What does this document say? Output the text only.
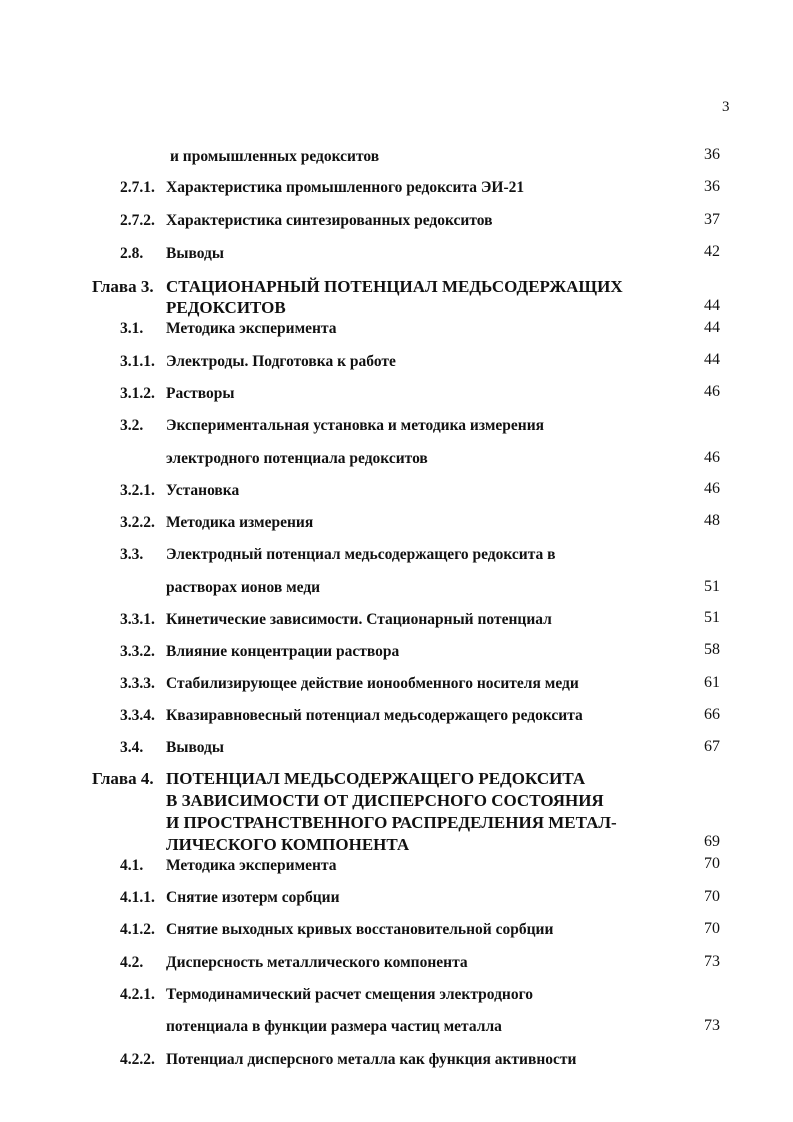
3
и промышленных редокситов	36
2.7.1. Характеристика промышленного редоксита ЭИ-21	36
2.7.2. Характеристика синтезированных редокситов	37
2.8. Выводы	42
Глава 3. СТАЦИОНАРНЫЙ ПОТЕНЦИАЛ МЕДЬСОДЕРЖАЩИХ
РЕДОКСИТОВ	44
3.1. Методика эксперимента	44
3.1.1. Электроды. Подготовка к работе	44
3.1.2. Растворы	46
3.2. Экспериментальная установка и методика измерения
электродного потенциала редокситов	46
3.2.1. Установка	46
3.2.2. Методика измерения	48
3.3. Электродный потенциал медьсодержащего редоксита в
растворах ионов меди	51
3.3.1. Кинетические зависимости. Стационарный потенциал	51
3.3.2. Влияние концентрации раствора	58
3.3.3. Стабилизирующее действие ионообменного носителя меди	61
3.3.4. Квазиравновесный потенциал медьсодержащего редоксита	66
3.4. Выводы	67
Глава 4. ПОТЕНЦИАЛ МЕДЬСОДЕРЖАЩЕГО РЕДОКСИТА
В ЗАВИСИМОСТИ ОТ ДИСПЕРСНОГО СОСТОЯНИЯ
И ПРОСТРАНСТВЕННОГО РАСПРЕДЕЛЕНИЯ МЕТАЛ-
ЛИЧЕСКОГО КОМПОНЕНТА	69
4.1. Методика эксперимента	70
4.1.1. Снятие изотерм сорбции	70
4.1.2. Снятие выходных кривых восстановительной сорбции	70
4.2. Дисперсность металлического компонента	73
4.2.1. Термодинамический расчет смещения электродного
потенциала в функции размера частиц металла	73
4.2.2. Потенциал дисперсного металла как функция активности
